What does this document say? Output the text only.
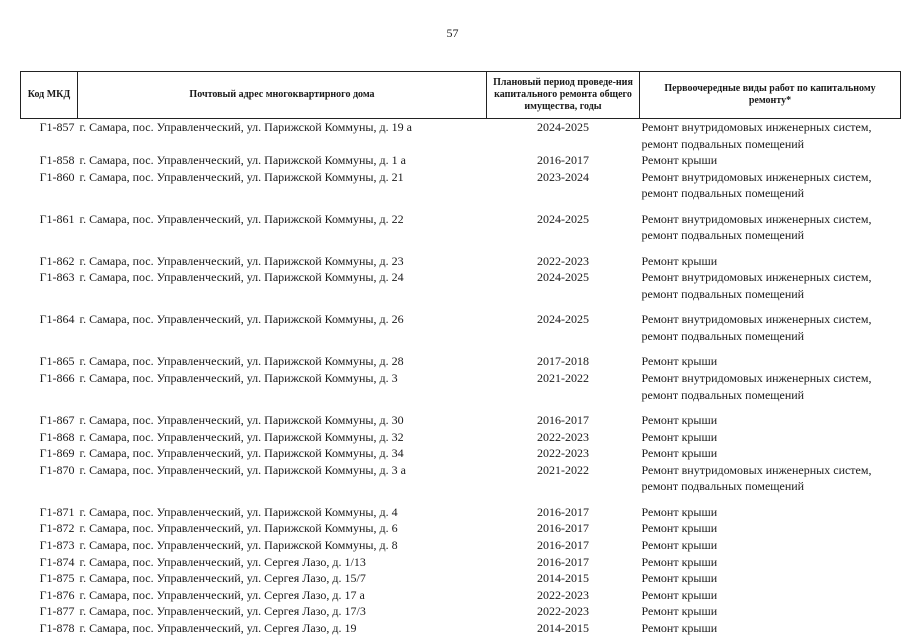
57
Код МКД	Почтовый адрес многоквартирного дома	Плановый период проведе-ния капитального ремонта общего имущества, годы	Первоочередные виды работ по капитальному ремонту*
Г1-857	г. Самара, пос. Управленческий, ул. Парижской Коммуны, д. 19 а	2024-2025	Ремонт внутридомовых инженерных систем, ремонт подвальных помещений
Г1-858	г. Самара, пос. Управленческий, ул. Парижской Коммуны, д. 1 а	2016-2017	Ремонт крыши
Г1-860	г. Самара, пос. Управленческий, ул. Парижской Коммуны, д. 21	2023-2024	Ремонт внутридомовых инженерных систем, ремонт подвальных помещений
Г1-861	г. Самара, пос. Управленческий, ул. Парижской Коммуны, д. 22	2024-2025	Ремонт внутридомовых инженерных систем, ремонт подвальных помещений
Г1-862	г. Самара, пос. Управленческий, ул. Парижской Коммуны, д. 23	2022-2023	Ремонт крыши
Г1-863	г. Самара, пос. Управленческий, ул. Парижской Коммуны, д. 24	2024-2025	Ремонт внутридомовых инженерных систем, ремонт подвальных помещений
Г1-864	г. Самара, пос. Управленческий, ул. Парижской Коммуны, д. 26	2024-2025	Ремонт внутридомовых инженерных систем, ремонт подвальных помещений
Г1-865	г. Самара, пос. Управленческий, ул. Парижской Коммуны, д. 28	2017-2018	Ремонт крыши
Г1-866	г. Самара, пос. Управленческий, ул. Парижской Коммуны, д. 3	2021-2022	Ремонт внутридомовых инженерных систем, ремонт подвальных помещений
Г1-867	г. Самара, пос. Управленческий, ул. Парижской Коммуны, д. 30	2016-2017	Ремонт крыши
Г1-868	г. Самара, пос. Управленческий, ул. Парижской Коммуны, д. 32	2022-2023	Ремонт крыши
Г1-869	г. Самара, пос. Управленческий, ул. Парижской Коммуны, д. 34	2022-2023	Ремонт крыши
Г1-870	г. Самара, пос. Управленческий, ул. Парижской Коммуны, д. 3 а	2021-2022	Ремонт внутридомовых инженерных систем, ремонт подвальных помещений
Г1-871	г. Самара, пос. Управленческий, ул. Парижской Коммуны, д. 4	2016-2017	Ремонт крыши
Г1-872	г. Самара, пос. Управленческий, ул. Парижской Коммуны, д. 6	2016-2017	Ремонт крыши
Г1-873	г. Самара, пос. Управленческий, ул. Парижской Коммуны, д. 8	2016-2017	Ремонт крыши
Г1-874	г. Самара, пос. Управленческий, ул. Сергея Лазо, д. 1/13	2016-2017	Ремонт крыши
Г1-875	г. Самара, пос. Управленческий, ул. Сергея Лазо, д. 15/7	2014-2015	Ремонт крыши
Г1-876	г. Самара, пос. Управленческий, ул. Сергея Лазо, д. 17 а	2022-2023	Ремонт крыши
Г1-877	г. Самара, пос. Управленческий, ул. Сергея Лазо, д. 17/3	2022-2023	Ремонт крыши
Г1-878	г. Самара, пос. Управленческий, ул. Сергея Лазо, д. 19	2014-2015	Ремонт крыши
